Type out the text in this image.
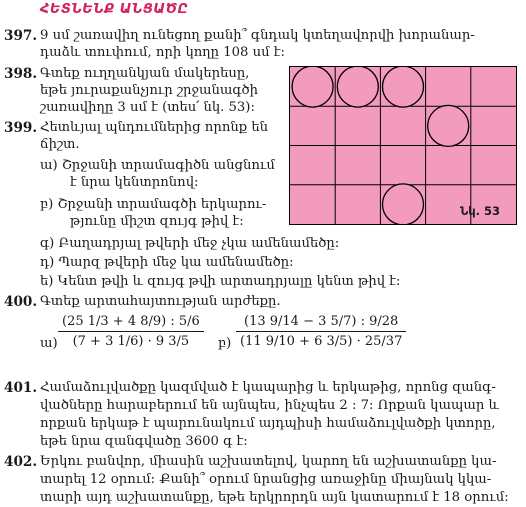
ՀԵՏՆԵՆՔ ԱՆՑԱԾԸ
397. 9 սմ շառավիղ ունեցող քանի՞ գնդակ կտեղավորվի խորանար-
դաձև տուփում, որի կողը 108 սմ է:
398. Գտեք ուղղանկյան մակերեսը,
եթե յուրաքանչյուր շրջանագծի
շառավիղը 3 սմ է (տես՛ նկ. 53):
399. Հետևյալ պնդումներից որոնք են
ճիշտ.
ա) Շրջանի տրամագիծն անցնում
է նրա կենտրոնով:
բ) Շրջանի տրամագծի երկարու-
թյունը միշտ զույգ թիվ է:
գ) Բաղադրյալ թվերի մեջ չկա ամենամեծը:
դ) Պարզ թվերի մեջ կա ամենամեծը:
ե) Կենտ թվի և զույգ թվի արտադրյալը կենտ թիվ է:
Նկ. 53
400. Գտեք արտահայտության արժեքը.
ա)
(25 1/3 + 4 8/9) : 5/6
(7 + 3 1/6) · 9 3/5	բ)
(13 9/14 − 3 5/7) : 9/28
(11 9/10 + 6 3/5) · 25/37
401. Համաձուլվածքը կազմված է կապարից և երկաթից, որոնց զանգ-
վածները հարաբերում են այնպես, ինչպես 2 : 7: Որքան կապար և
որքան երկաթ է պարունակում այդպիսի համաձուլվածքի կտորը,
եթե նրա զանգվածը 3600 գ է:
402. Երկու բանվոր, միասին աշխատելով, կարող են աշխատանքը կա-
տարել 12 օրում: Քանի՞ օրում նրանցից առաջինը միայնակ կկա-
տարի այդ աշխատանքը, եթե երկրորդն այն կատարում է 18 օրում:
